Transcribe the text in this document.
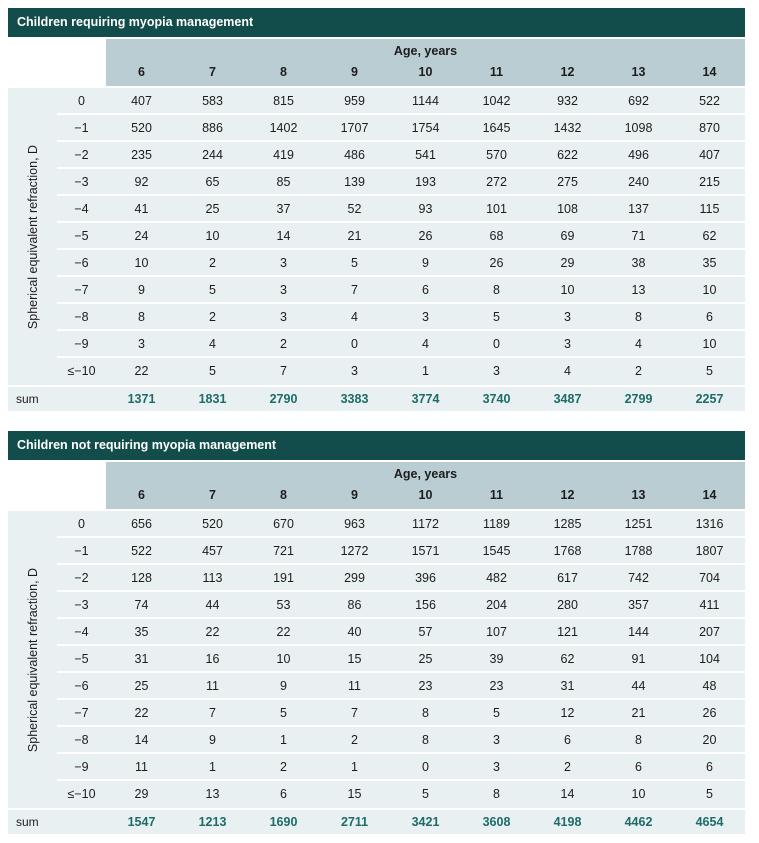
Children requiring myopia management
Age, years
6	7	8	9	10	11	12	13	14
Spherical equivalent refraction, D
0	407	583	815	959	1144	1042	932	692	522
−1	520	886	1402	1707	1754	1645	1432	1098	870
−2	235	244	419	486	541	570	622	496	407
−3	92	65	85	139	193	272	275	240	215
−4	41	25	37	52	93	101	108	137	115
−5	24	10	14	21	26	68	69	71	62
−6	10	2	3	5	9	26	29	38	35
−7	9	5	3	7	6	8	10	13	10
−8	8	2	3	4	3	5	3	8	6
−9	3	4	2	0	4	0	3	4	10
≤−10	22	5	7	3	1	3	4	2	5
sum	1371	1831	2790	3383	3774	3740	3487	2799	2257
Children not requiring myopia management
Age, years
6	7	8	9	10	11	12	13	14
Spherical equivalent refraction, D
0	656	520	670	963	1172	1189	1285	1251	1316
−1	522	457	721	1272	1571	1545	1768	1788	1807
−2	128	113	191	299	396	482	617	742	704
−3	74	44	53	86	156	204	280	357	411
−4	35	22	22	40	57	107	121	144	207
−5	31	16	10	15	25	39	62	91	104
−6	25	11	9	11	23	23	31	44	48
−7	22	7	5	7	8	5	12	21	26
−8	14	9	1	2	8	3	6	8	20
−9	11	1	2	1	0	3	2	6	6
≤−10	29	13	6	15	5	8	14	10	5
sum	1547	1213	1690	2711	3421	3608	4198	4462	4654
